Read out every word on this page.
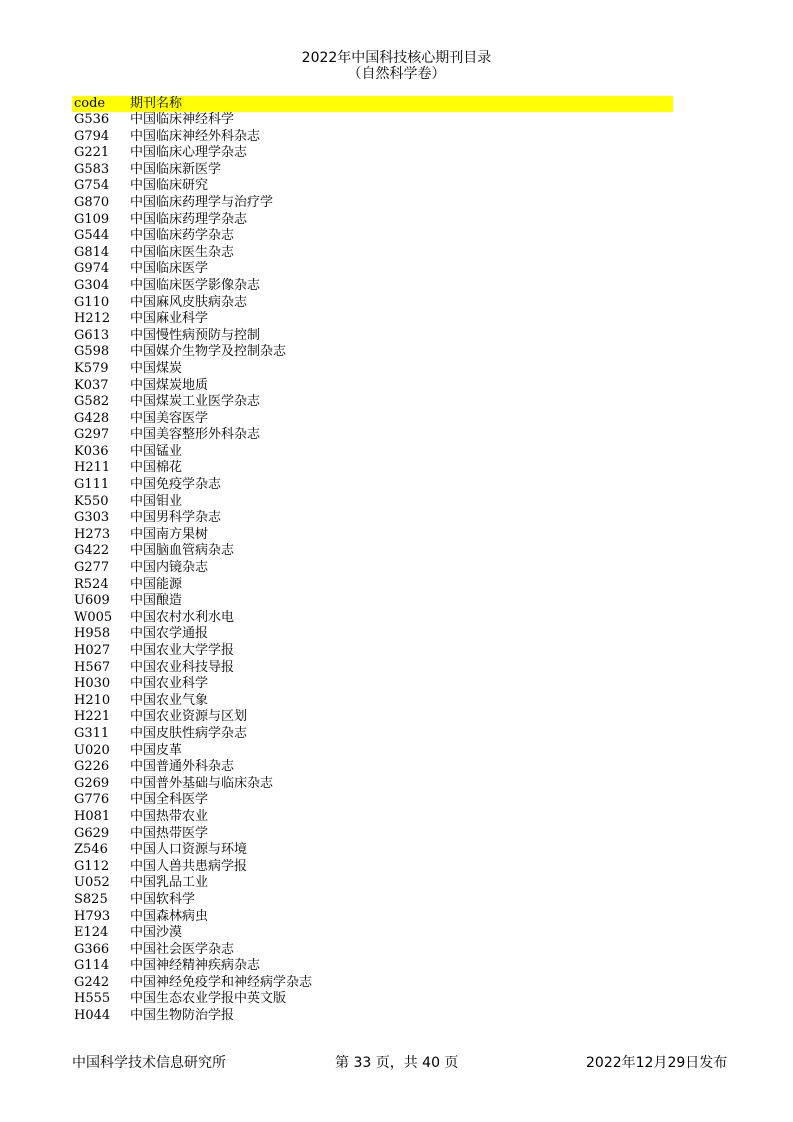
2022年中国科技核心期刊目录
（自然科学卷）
code 期刊名称
G536 中国临床神经科学
G794 中国临床神经外科杂志
G221 中国临床心理学杂志
G583 中国临床新医学
G754 中国临床研究
G870 中国临床药理学与治疗学
G109 中国临床药理学杂志
G544 中国临床药学杂志
G814 中国临床医生杂志
G974 中国临床医学
G304 中国临床医学影像杂志
G110 中国麻风皮肤病杂志
H212 中国麻业科学
G613 中国慢性病预防与控制
G598 中国媒介生物学及控制杂志
K579 中国煤炭
K037 中国煤炭地质
G582 中国煤炭工业医学杂志
G428 中国美容医学
G297 中国美容整形外科杂志
K036 中国锰业
H211 中国棉花
G111 中国免疫学杂志
K550 中国钼业
G303 中国男科学杂志
H273 中国南方果树
G422 中国脑血管病杂志
G277 中国内镜杂志
R524 中国能源
U609 中国酿造
W005 中国农村水利水电
H958 中国农学通报
H027 中国农业大学学报
H567 中国农业科技导报
H030 中国农业科学
H210 中国农业气象
H221 中国农业资源与区划
G311 中国皮肤性病学杂志
U020 中国皮革
G226 中国普通外科杂志
G269 中国普外基础与临床杂志
G776 中国全科医学
H081 中国热带农业
G629 中国热带医学
Z546 中国人口资源与环境
G112 中国人兽共患病学报
U052 中国乳品工业
S825 中国软科学
H793 中国森林病虫
E124 中国沙漠
G366 中国社会医学杂志
G114 中国神经精神疾病杂志
G242 中国神经免疫学和神经病学杂志
H555 中国生态农业学报中英文版
H044 中国生物防治学报
中国科学技术信息研究所	第 33 页，共 40 页	2022年12月29日发布
